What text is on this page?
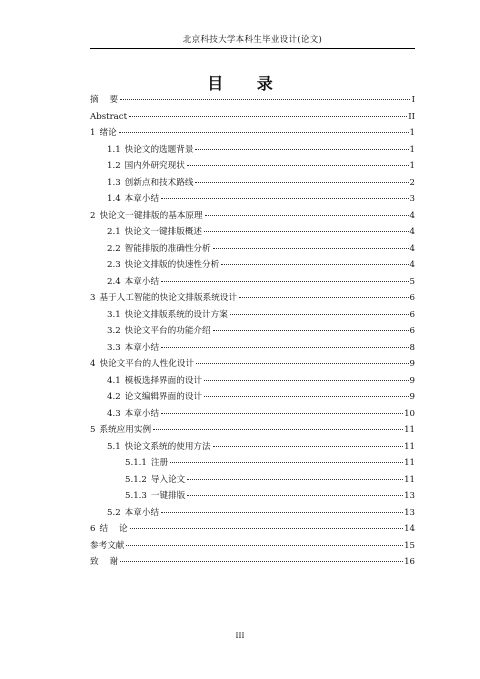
北京科技大学本科生毕业设计(论文)
目 录
摘    要	I
Abstract	II
1 绪论	1
1.1 快论文的选题背景	1
1.2 国内外研究现状	1
1.3 创新点和技术路线	2
1.4 本章小结	3
2 快论文一键排版的基本原理	4
2.1 快论文一键排版概述	4
2.2 智能排版的准确性分析	4
2.3 快论文排版的快速性分析	4
2.4 本章小结	5
3 基于人工智能的快论文排版系统设计	6
3.1 快论文排版系统的设计方案	6
3.2 快论文平台的功能介绍	6
3.3 本章小结	8
4 快论文平台的人性化设计	9
4.1 模板选择界面的设计	9
4.2 论文编辑界面的设计	9
4.3 本章小结	10
5 系统应用实例	11
5.1 快论文系统的使用方法	11
5.1.1 注册	11
5.1.2 导入论文	11
5.1.3 一键排版	13
5.2 本章小结	13
6 结    论	14
参考文献	15
致    谢	16
III
